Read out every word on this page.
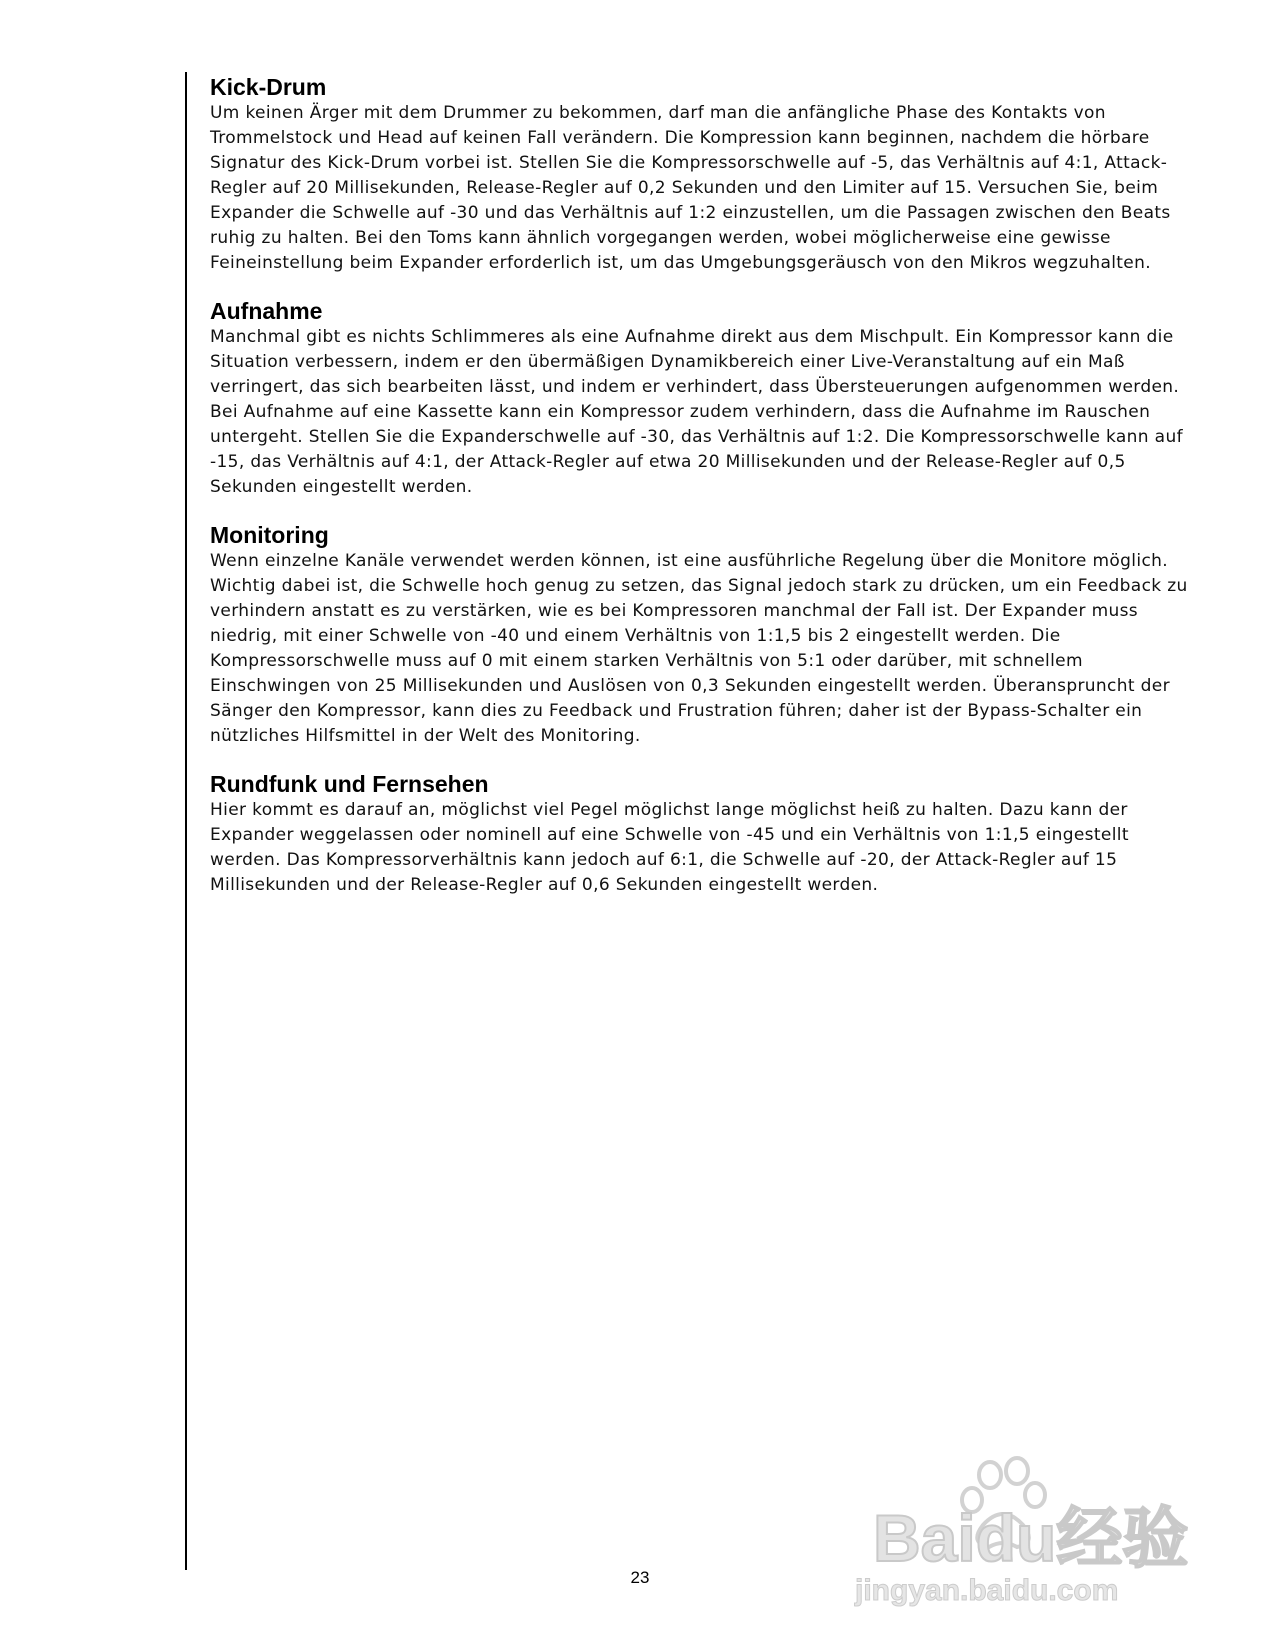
Kick-Drum

Um keinen Ärger mit dem Drummer zu bekommen, darf man die anfängliche Phase des Kontakts von Trommelstock und Head auf keinen Fall verändern. Die Kompression kann beginnen, nachdem die hörbare Signatur des Kick-Drum vorbei ist. Stellen Sie die Kompressorschwelle auf -5, das Verhältnis auf 4:1, Attack-Regler auf 20 Millisekunden, Release-Regler auf 0,2 Sekunden und den Limiter auf 15. Versuchen Sie, beim Expander die Schwelle auf -30 und das Verhältnis auf 1:2 einzustellen, um die Passagen zwischen den Beats ruhig zu halten. Bei den Toms kann ähnlich vorgegangen werden, wobei möglicherweise eine gewisse Feineinstellung beim Expander erforderlich ist, um das Umgebungsgeräusch von den Mikros wegzuhalten.

Aufnahme

Manchmal gibt es nichts Schlimmeres als eine Aufnahme direkt aus dem Mischpult. Ein Kompressor kann die Situation verbessern, indem er den übermäßigen Dynamikbereich einer Live-Veranstaltung auf ein Maß verringert, das sich bearbeiten lässt, und indem er verhindert, dass Übersteuerungen aufgenommen werden. Bei Aufnahme auf eine Kassette kann ein Kompressor zudem verhindern, dass die Aufnahme im Rauschen untergeht. Stellen Sie die Expanderschwelle auf -30, das Verhältnis auf 1:2. Die Kompressorschwelle kann auf -15, das Verhältnis auf 4:1, der Attack-Regler auf etwa 20 Millisekunden und der Release-Regler auf 0,5 Sekunden eingestellt werden.

Monitoring

Wenn einzelne Kanäle verwendet werden können, ist eine ausführliche Regelung über die Monitore möglich. Wichtig dabei ist, die Schwelle hoch genug zu setzen, das Signal jedoch stark zu drücken, um ein Feedback zu verhindern anstatt es zu verstärken, wie es bei Kompressoren manchmal der Fall ist. Der Expander muss niedrig, mit einer Schwelle von -40 und einem Verhältnis von 1:1,5 bis 2 eingestellt werden. Die Kompressorschwelle muss auf 0 mit einem starken Verhältnis von 5:1 oder darüber, mit schnellem Einschwingen von 25 Millisekunden und Auslösen von 0,3 Sekunden eingestellt werden. Überanspruncht der Sänger den Kompressor, kann dies zu Feedback und Frustration führen; daher ist der Bypass-Schalter ein nützliches Hilfsmittel in der Welt des Monitoring.

Rundfunk und Fernsehen

Hier kommt es darauf an, möglichst viel Pegel möglichst lange möglichst heiß zu halten. Dazu kann der Expander weggelassen oder nominell auf eine Schwelle von -45 und ein Verhältnis von 1:1,5 eingestellt werden. Das Kompressorverhältnis kann jedoch auf 6:1, die Schwelle auf -20, der Attack-Regler auf 15 Millisekunden und der Release-Regler auf 0,6 Sekunden eingestellt werden.

23
Baidu经验
jingyan.baidu.com
